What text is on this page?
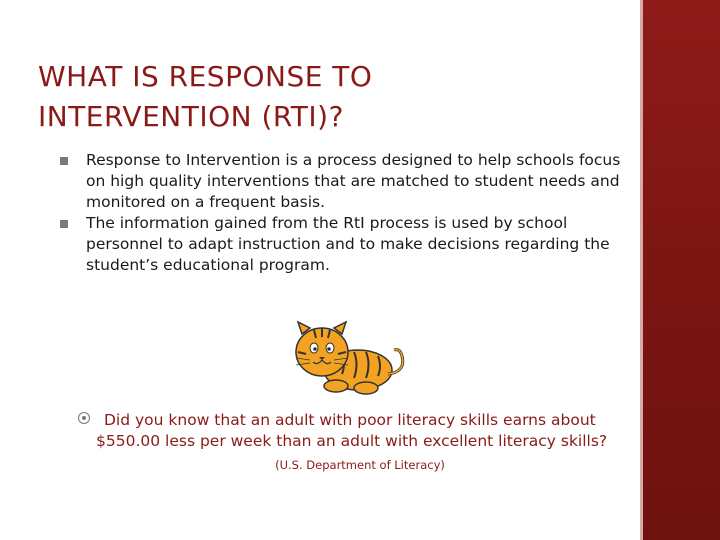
WHAT IS RESPONSE TO INTERVENTION (RTI)?
Response to Intervention is a process designed to help schools focus on high quality interventions that are matched to student needs and monitored on a frequent basis.
The information gained from the RtI process is used by school personnel to adapt instruction and to make decisions regarding the student’s educational program.

Did you know that an adult with poor literacy skills earns about $550.00 less per week than an adult with excellent literacy skills?

(U.S. Department of Literacy)
